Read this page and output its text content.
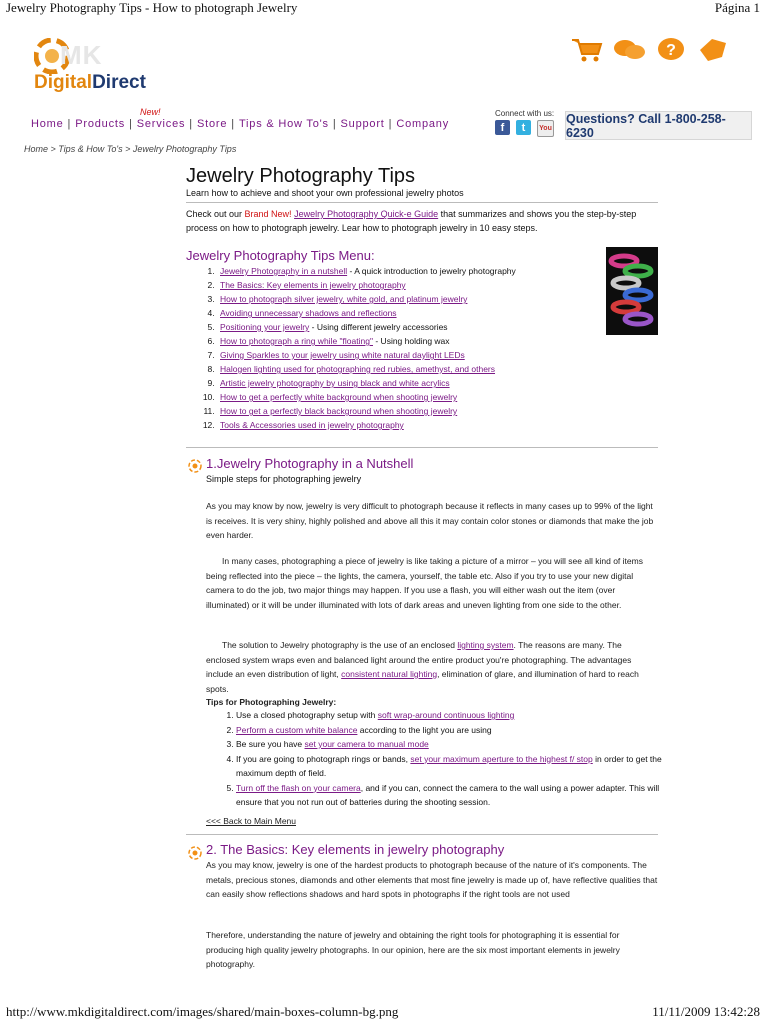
Jewelry Photography Tips - How to photograph Jewelry	Página 1
http://www.mkdigitaldirect.com/images/shared/main-boxes-column-bg.png	11/11/2009 13:42:28
MK
DigitalDirect
?
New!
Home | Products | Services | Store | Tips & How To's | Support | Company
Connect with us:
f	t	You
Questions? Call 1-800-258-6230
Home > Tips & How To's > Jewelry Photography Tips
Jewelry Photography Tips
Learn how to achieve and shoot your own professional jewelry photos
Check out our Brand New! Jewelry Photography Quick-e Guide that summarizes and shows you the step-by-step process on how to photograph jewelry. Lear how to photograph jewelry in 10 easy steps.
Jewelry Photography Tips Menu:
1. Jewelry Photography in a nutshell - A quick introduction to jewelry photography
2. The Basics: Key elements in jewelry photography
3. How to photograph silver jewelry, white gold, and platinum jewelry
4. Avoiding unnecessary shadows and reflections
5. Positioning your jewelry - Using different jewelry accessories
6. How to photograph a ring while "floating" - Using holding wax
7. Giving Sparkles to your jewelry using white natural daylight LEDs
8. Halogen lighting used for photographing red rubies, amethyst, and others
9. Artistic jewelry photography by using black and white acrylics
10. How to get a perfectly white background when shooting jewelry
11. How to get a perfectly black background when shooting jewelry
12. Tools & Accessories used in jewelry photography
1.Jewelry Photography in a Nutshell
Simple steps for photographing jewelry
As you may know by now, jewelry is very difficult to photograph because it reflects in many cases up to 99% of the light is receives. It is very shiny, highly polished and above all this it may contain color stones or diamonds that make the job even harder.
In many cases, photographing a piece of jewelry is like taking a picture of a mirror – you will see all kind of items being reflected into the piece – the lights, the camera, yourself, the table etc. Also if you try to use your new digital camera to do the job, two major things may happen. If you use a flash, you will either wash out the item (over illuminated) or it will be under illuminated with lots of dark areas and uneven lighting from one side to the other.
The solution to Jewelry photography is the use of an enclosed lighting system. The reasons are many. The enclosed system wraps even and balanced light around the entire product you're photographing. The advantages include an even distribution of light, consistent natural lighting, elimination of glare, and illumination of hard to reach spots.
Tips for Photographing Jewelry:
1. Use a closed photography setup with soft wrap-around continuous lighting
2. Perform a custom white balance according to the light you are using
3. Be sure you have set your camera to manual mode
4. If you are going to photograph rings or bands, set your maximum aperture to the highest f/ stop in order to get the maximum depth of field.
5. Turn off the flash on your camera, and if you can, connect the camera to the wall using a power adapter. This will ensure that you not run out of batteries during the shooting session.
<<< Back to Main Menu
2. The Basics: Key elements in jewelry photography
As you may know, jewelry is one of the hardest products to photograph because of the nature of it's components. The metals, precious stones, diamonds and other elements that most fine jewelry is made up of, have reflective qualities that can easily show reflections shadows and hard spots in photographs if the right tools are not used
Therefore, understanding the nature of jewelry and obtaining the right tools for photographing it is essential for producing high quality jewelry photographs. In our opinion, here are the six most important elements in jewelry photography.
